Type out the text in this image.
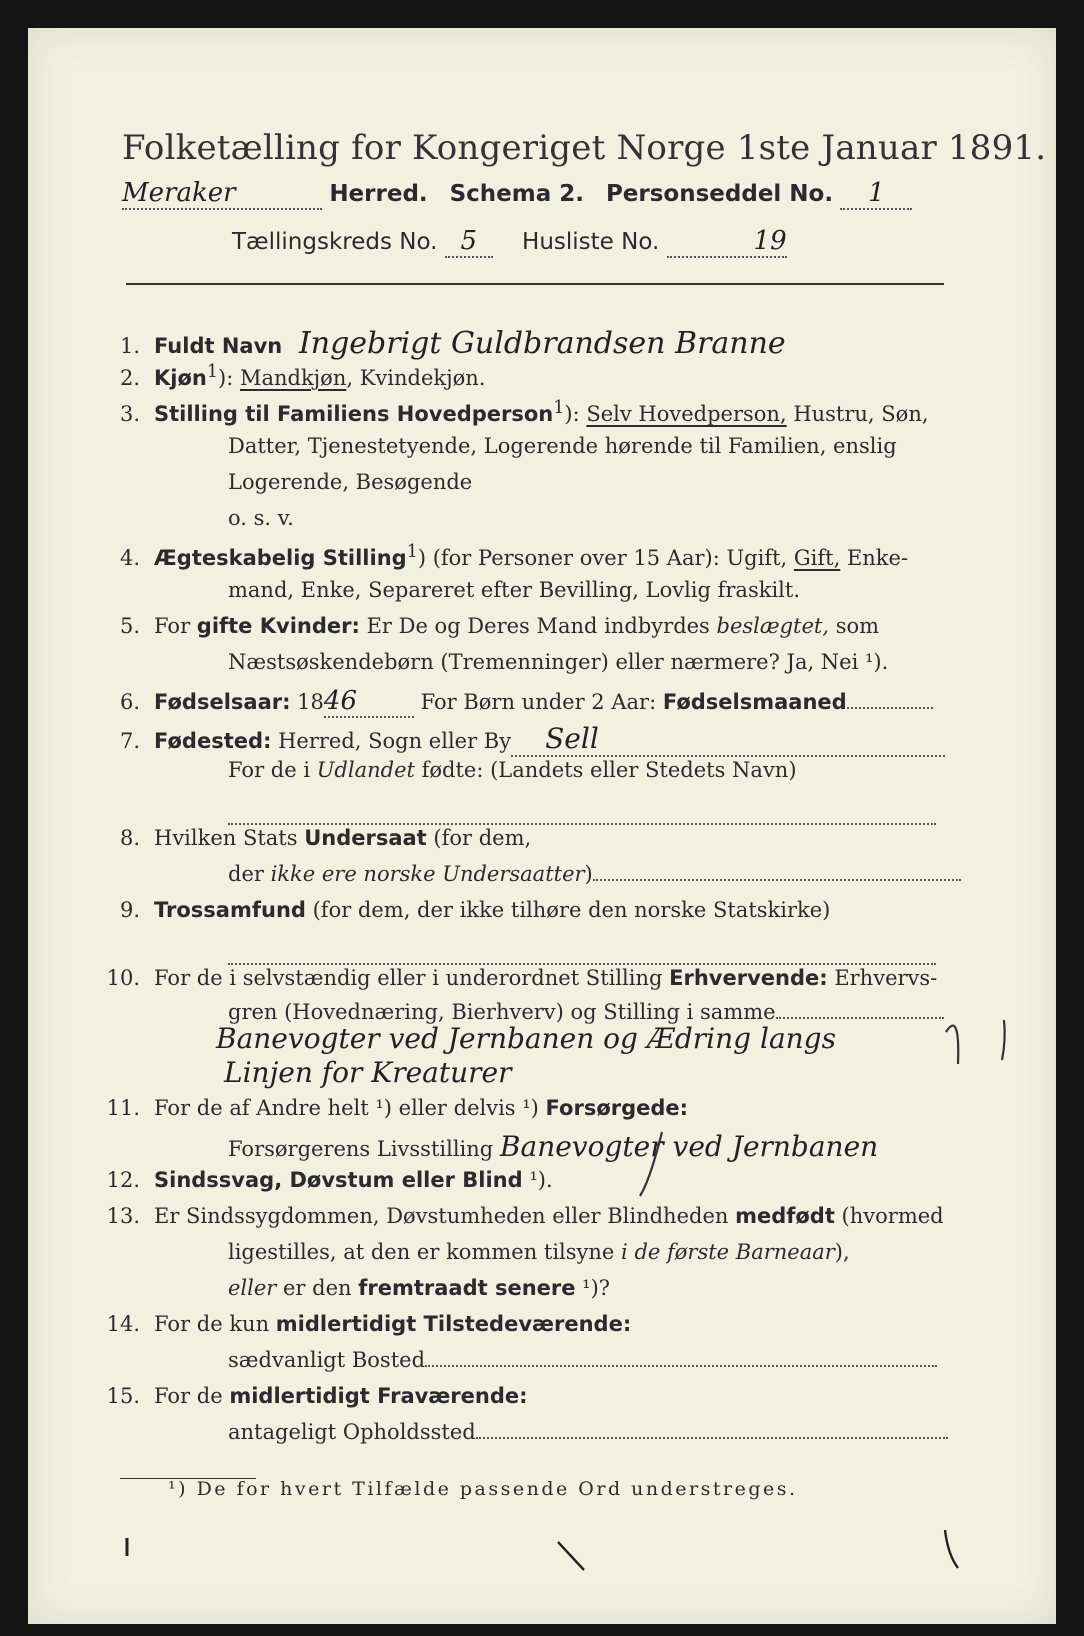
Folketælling for Kongeriget Norge 1ste Januar 1891.
Meraker	Herred. Schema 2. Personseddel No. 1
Tællingskreds No. 5 Husliste No.	19
1. Fuldt Navn Ingebrigt Guldbrandsen Branne
2. Kjøn$^1$): Mandkjøn, Kvindekjøn.
3. Stilling til Familiens Hovedperson$^1$): Selv Hovedperson, Hustru, Søn,
Datter, Tjenestetyende, Logerende hørende til Familien, enslig
Logerende, Besøgende
o. s. v.
4. Ægteskabelig Stilling$^1$) (for Personer over 15 Aar): Ugift, Gift, Enke-
mand, Enke, Separeret efter Bevilling, Lovlig fraskilt.
5. For gifte Kvinder: Er De og Deres Mand indbyrdes beslægtet, som
Næstsøskendebørn (Tremenninger) eller nærmere? Ja, Nei ¹).
6. Fødselsaar: 1846	For Børn under 2 Aar: Fødselsmaaned
7. Fødested: Herred, Sogn eller By Sell
For de i Udlandet fødte: (Landets eller Stedets Navn)
8. Hvilken Stats Undersaat (for dem,
der ikke ere norske Undersaatter)
9. Trossamfund (for dem, der ikke tilhøre den norske Statskirke)
10. For de i selvstændig eller i underordnet Stilling Erhvervende: Erhvervs-
gren (Hovednæring, Bierhverv) og Stilling i samme
Banevogter ved Jernbanen og Ædring langs
Linjen for Kreaturer
11. For de af Andre helt ¹) eller delvis ¹) Forsørgede:
Forsørgerens Livsstilling Banevogter ved Jernbanen
12. Sindssvag, Døvstum eller Blind ¹).
13. Er Sindssygdommen, Døvstumheden eller Blindheden medfødt (hvormed
ligestilles, at den er kommen tilsyne i de første Barneaar),
eller er den fremtraadt senere ¹)?
14. For de kun midlertidigt Tilstedeværende:
sædvanligt Bosted
15. For de midlertidigt Fraværende:
antageligt Opholdssted
¹) De for hvert Tilfælde passende Ord understreges.
